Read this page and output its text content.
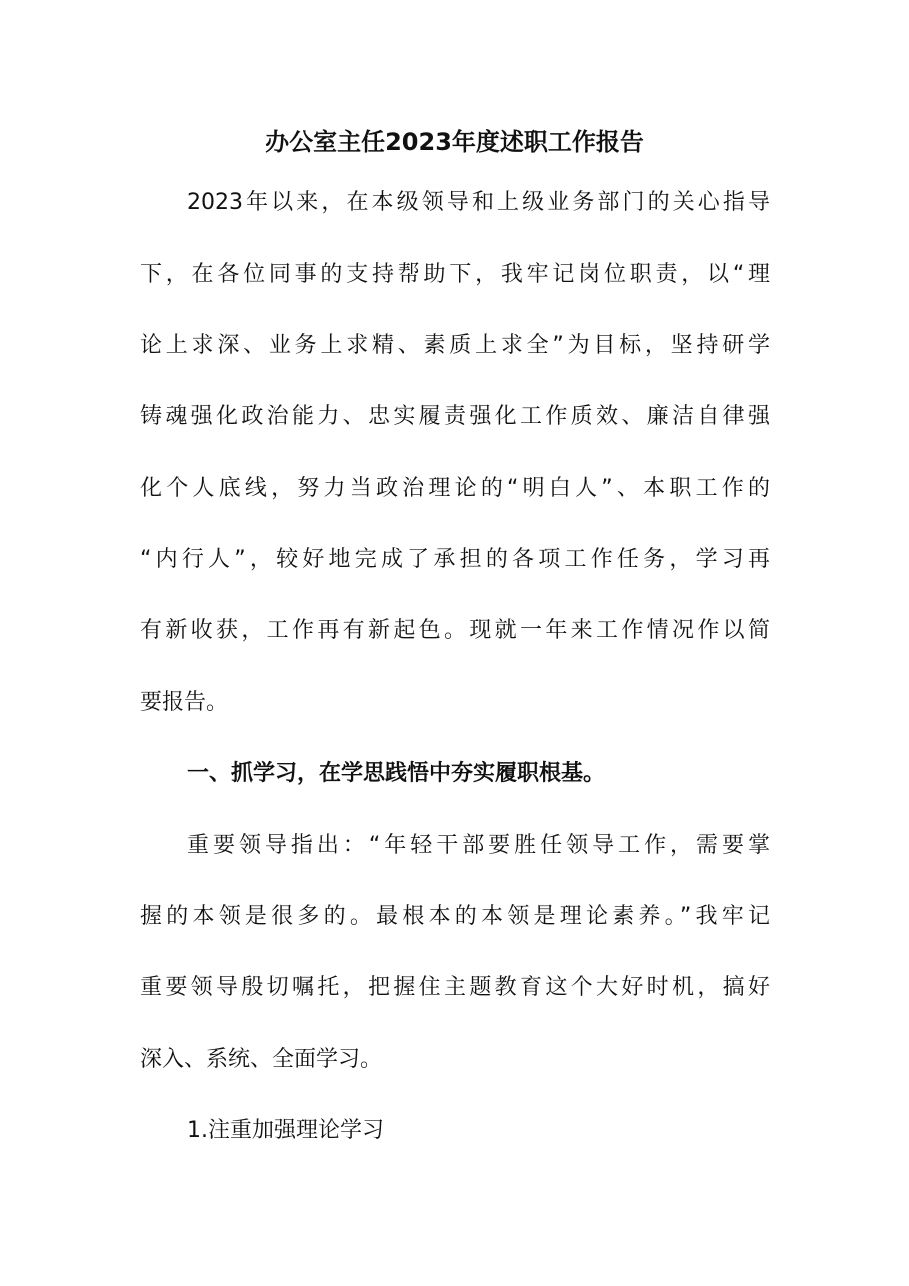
办公室主任2023年度述职工作报告

2023年以来，在本级领导和上级业务部门的关心指导

下，在各位同事的支持帮助下，我牢记岗位职责，以“理

论上求深、业务上求精、素质上求全”为目标，坚持研学

铸魂强化政治能力、忠实履责强化工作质效、廉洁自律强

化个人底线，努力当政治理论的“明白人”、本职工作的

“内行人”，较好地完成了承担的各项工作任务，学习再

有新收获，工作再有新起色。现就一年来工作情况作以简

要报告。

一、抓学习，在学思践悟中夯实履职根基。

重要领导指出：“年轻干部要胜任领导工作，需要掌

握的本领是很多的。最根本的本领是理论素养。”我牢记

重要领导殷切嘱托，把握住主题教育这个大好时机，搞好

深入、系统、全面学习。

1.注重加强理论学习
